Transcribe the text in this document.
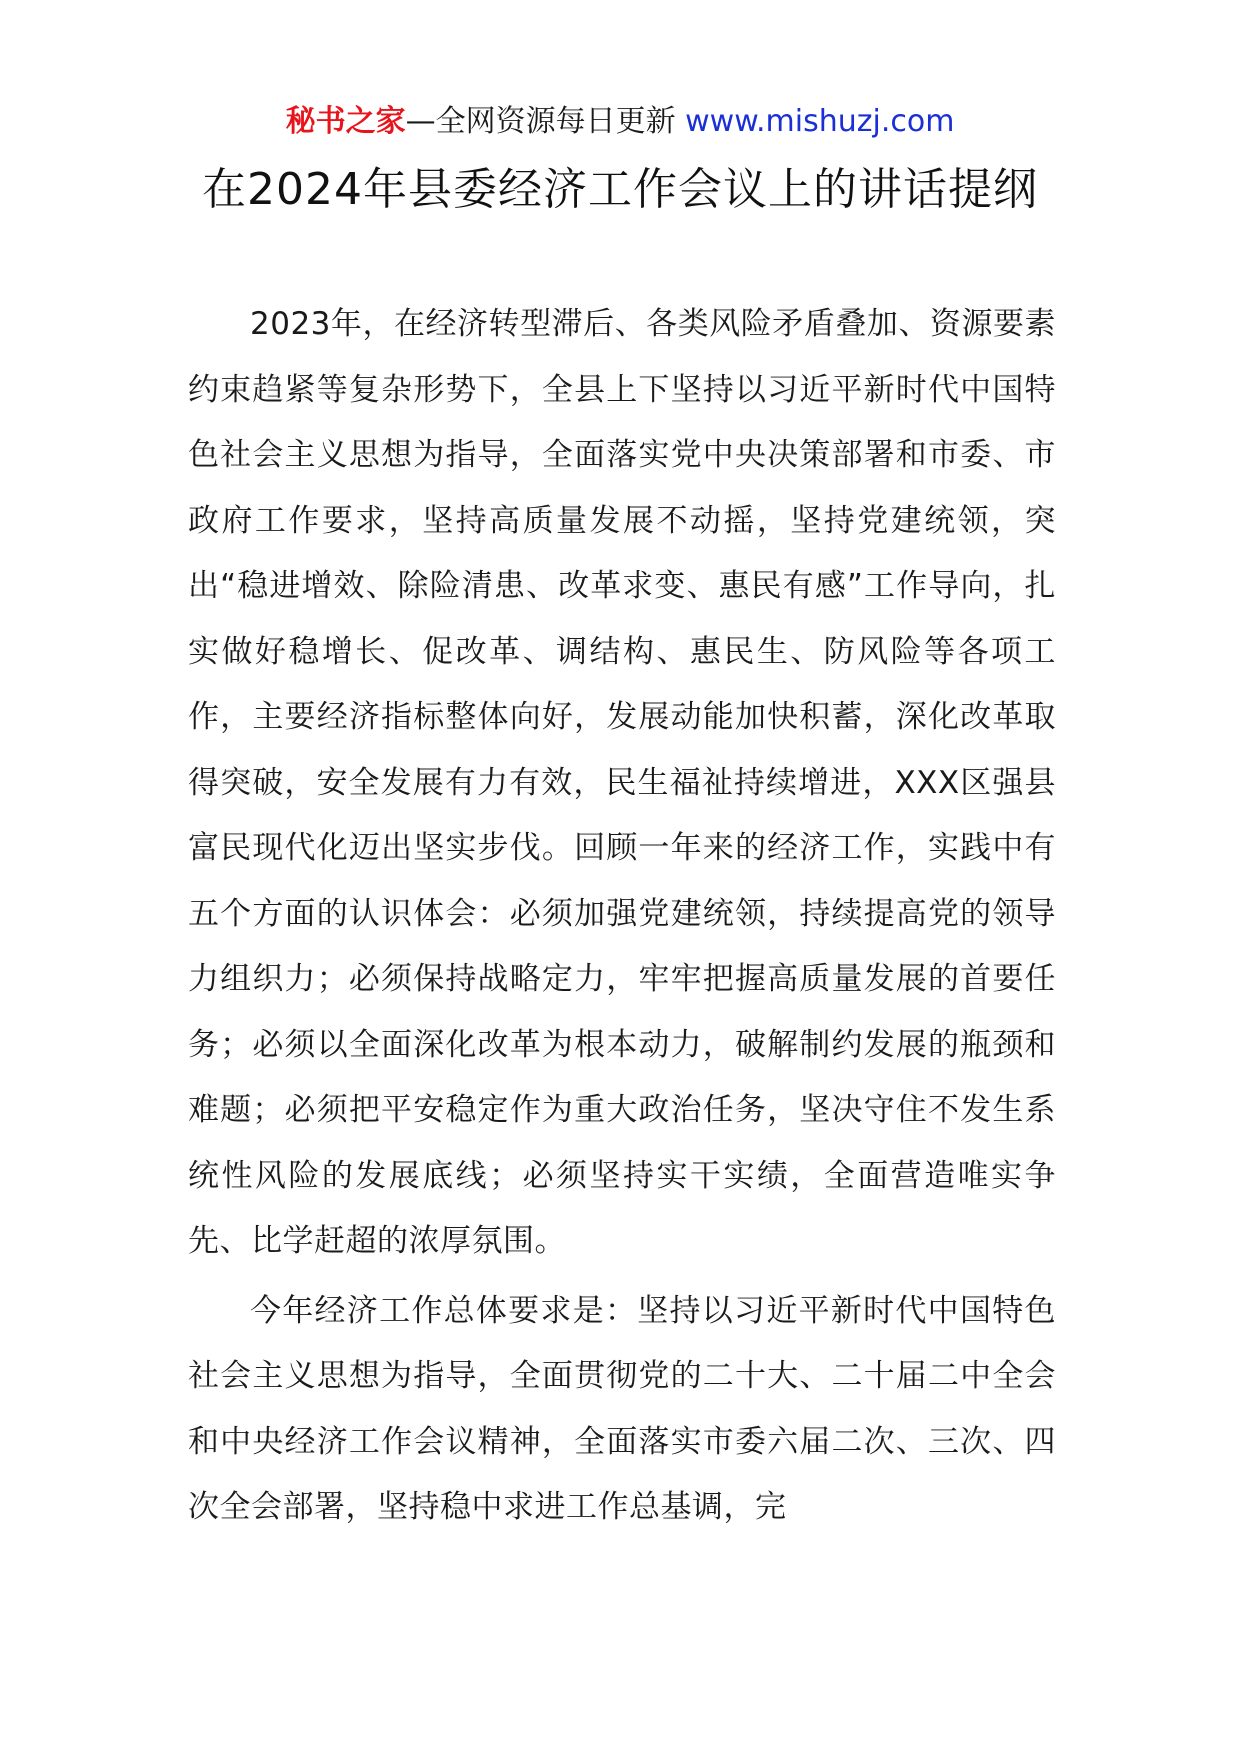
秘书之家—全网资源每日更新 www.mishuzj.com
在2024年县委经济工作会议上的讲话提纲

2023年，在经济转型滞后、各类风险矛盾叠加、资源要素约束趋紧等复杂形势下，全县上下坚持以习近平新时代中国特色社会主义思想为指导，全面落实党中央决策部署和市委、市政府工作要求，坚持高质量发展不动摇，坚持党建统领，突出“稳进增效、除险清患、改革求变、惠民有感”工作导向，扎实做好稳增长、促改革、调结构、惠民生、防风险等各项工作，主要经济指标整体向好，发展动能加快积蓄，深化改革取得突破，安全发展有力有效，民生福祉持续增进，XXX区强县富民现代化迈出坚实步伐。回顾一年来的经济工作，实践中有五个方面的认识体会：必须加强党建统领，持续提高党的领导力组织力；必须保持战略定力，牢牢把握高质量发展的首要任务；必须以全面深化改革为根本动力，破解制约发展的瓶颈和难题；必须把平安稳定作为重大政治任务，坚决守住不发生系统性风险的发展底线；必须坚持实干实绩，全面营造唯实争先、比学赶超的浓厚氛围。

今年经济工作总体要求是：坚持以习近平新时代中国特色社会主义思想为指导，全面贯彻党的二十大、二十届二中全会和中央经济工作会议精神，全面落实市委六届二次、三次、四次全会部署，坚持稳中求进工作总基调，完
